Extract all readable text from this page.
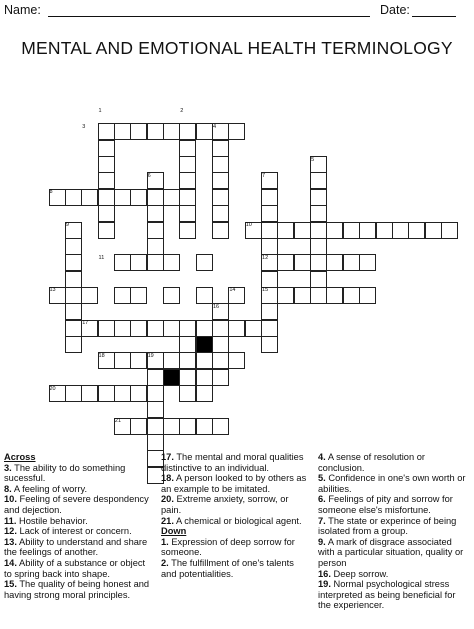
Name:	Date:
MENTAL AND EMOTIONAL HEALTH TERMINOLOGY
1	2
3	4
5
6	7
8
9	10
11	12
13	14	15
16
17
18	19
20
21
Across
3. The ability to do something sucessful.
8. A feeling of worry.
10. Feeling of severe despondency and dejection.
11. Hostile behavior.
12. Lack of interest or concern.
13. Ability to understand and share the feelings of another.
14. Ability of a substance or object to spring back into shape.
15. The quality of being honest and having strong moral principles.
17. The mental and moral qualities distinctive to an individual.
18. A person looked to by others as an example to be imitated.
20. Extreme anxiety, sorrow, or pain.
21. A chemical or biological agent.
Down
1. Expression of deep sorrow for someone.
2. The fulfillment of one's talents and potentialities.
4. A sense of resolution or conclusion.
5. Confidence in one's own worth or abilities.
6. Feelings of pity and sorrow for someone else's misfortune.
7. The state or experince of being isolated from a group.
9. A mark of disgrace associated with a particular situation, quality or person
16. Deep sorrow.
19. Normal psychological stress interpreted as being beneficial for the experiencer.
